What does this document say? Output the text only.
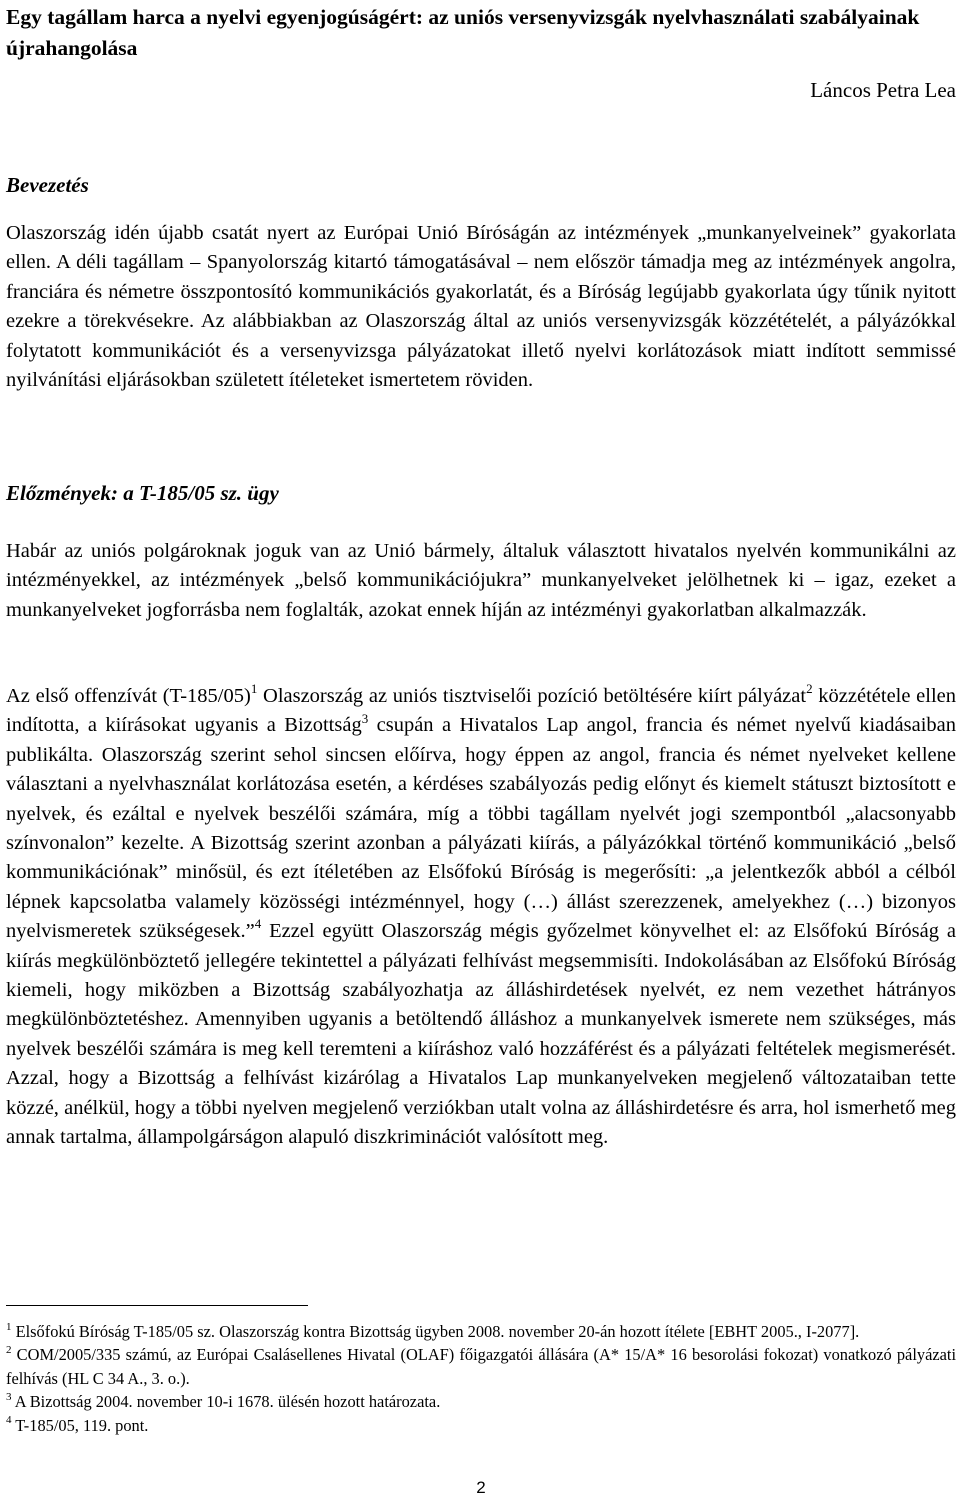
Egy tagállam harca a nyelvi egyenjogúságért: az uniós versenyvizsgák nyelvhasználati szabályainak újrahangolása
Láncos Petra Lea
Bevezetés

Olaszország idén újabb csatát nyert az Európai Unió Bíróságán az intézmények „munkanyelveinek” gyakorlata ellen. A déli tagállam – Spanyolország kitartó támogatásával – nem először támadja meg az intézmények angolra, franciára és németre összpontosító kommunikációs gyakorlatát, és a Bíróság legújabb gyakorlata úgy tűnik nyitott ezekre a törekvésekre. Az alábbiakban az Olaszország által az uniós versenyvizsgák közzétételét, a pályázókkal folytatott kommunikációt és a versenyvizsga pályázatokat illető nyelvi korlátozások miatt indított semmissé nyilvánítási eljárásokban született ítéleteket ismertetem röviden.

Előzmények: a T-185/05 sz. ügy

Habár az uniós polgároknak joguk van az Unió bármely, általuk választott hivatalos nyelvén kommunikálni az intézményekkel, az intézmények „belső kommunikációjukra” munkanyelveket jelölhetnek ki – igaz, ezeket a munkanyelveket jogforrásba nem foglalták, azokat ennek híján az intézményi gyakorlatban alkalmazzák.

Az első offenzívát $(T-185/05)^1$ Olaszország az uniós tisztviselői pozíció betöltésére kiírt pályázat$^2$ közzététele ellen indította, a kiírásokat ugyanis a Bizottság$^3$ csupán a Hivatalos Lap angol, francia és német nyelvű kiadásaiban publikálta. Olaszország szerint sehol sincsen előírva, hogy éppen az angol, francia és német nyelveket kellene választani a nyelvhasználat korlátozása esetén, a kérdéses szabályozás pedig előnyt és kiemelt státuszt biztosított e nyelvek, és ezáltal e nyelvek beszélői számára, míg a többi tagállam nyelvét jogi szempontból „alacsonyabb színvonalon” kezelte. A Bizottság szerint azonban a pályázati kiírás, a pályázókkal történő kommunikáció „belső kommunikációnak” minősül, és ezt ítéletében az Elsőfokú Bíróság is megerősíti: „a jelentkezők abból a célból lépnek kapcsolatba valamely közösségi intézménnyel, hogy (…) állást szerezzenek, amelyekhez (…) bizonyos nyelvismeretek szükségesek.”$^4$ Ezzel együtt Olaszország mégis győzelmet könyvelhet el: az Elsőfokú Bíróság a kiírás megkülönböztető jellegére tekintettel a pályázati felhívást megsemmisíti. Indokolásában az Elsőfokú Bíróság kiemeli, hogy miközben a Bizottság szabályozhatja az álláshirdetések nyelvét, ez nem vezethet hátrányos megkülönböztetéshez. Amennyiben ugyanis a betöltendő álláshoz a munkanyelvek ismerete nem szükséges, más nyelvek beszélői számára is meg kell teremteni a kiíráshoz való hozzáférést és a pályázati feltételek megismerését. Azzal, hogy a Bizottság a felhívást kizárólag a Hivatalos Lap munkanyelveken megjelenő változataiban tette közzé, anélkül, hogy a többi nyelven megjelenő verziókban utalt volna az álláshirdetésre és arra, hol ismerhető meg annak tartalma, állampolgárságon alapuló diszkriminációt valósított meg.

$^1$ Elsőfokú Bíróság T-185/05 sz. Olaszország kontra Bizottság ügyben 2008. november 20-án hozott ítélete [EBHT 2005., I-2077].

$^2$ COM/2005/335 számú, az Európai Csalásellenes Hivatal (OLAF) főigazgatói állására (A* 15/A* 16 besorolási fokozat) vonatkozó pályázati felhívás (HL C 34 A., 3. o.).

$^3$ A Bizottság 2004. november 10-i 1678. ülésén hozott határozata.

$^4$ T-185/05, 119. pont.

2
